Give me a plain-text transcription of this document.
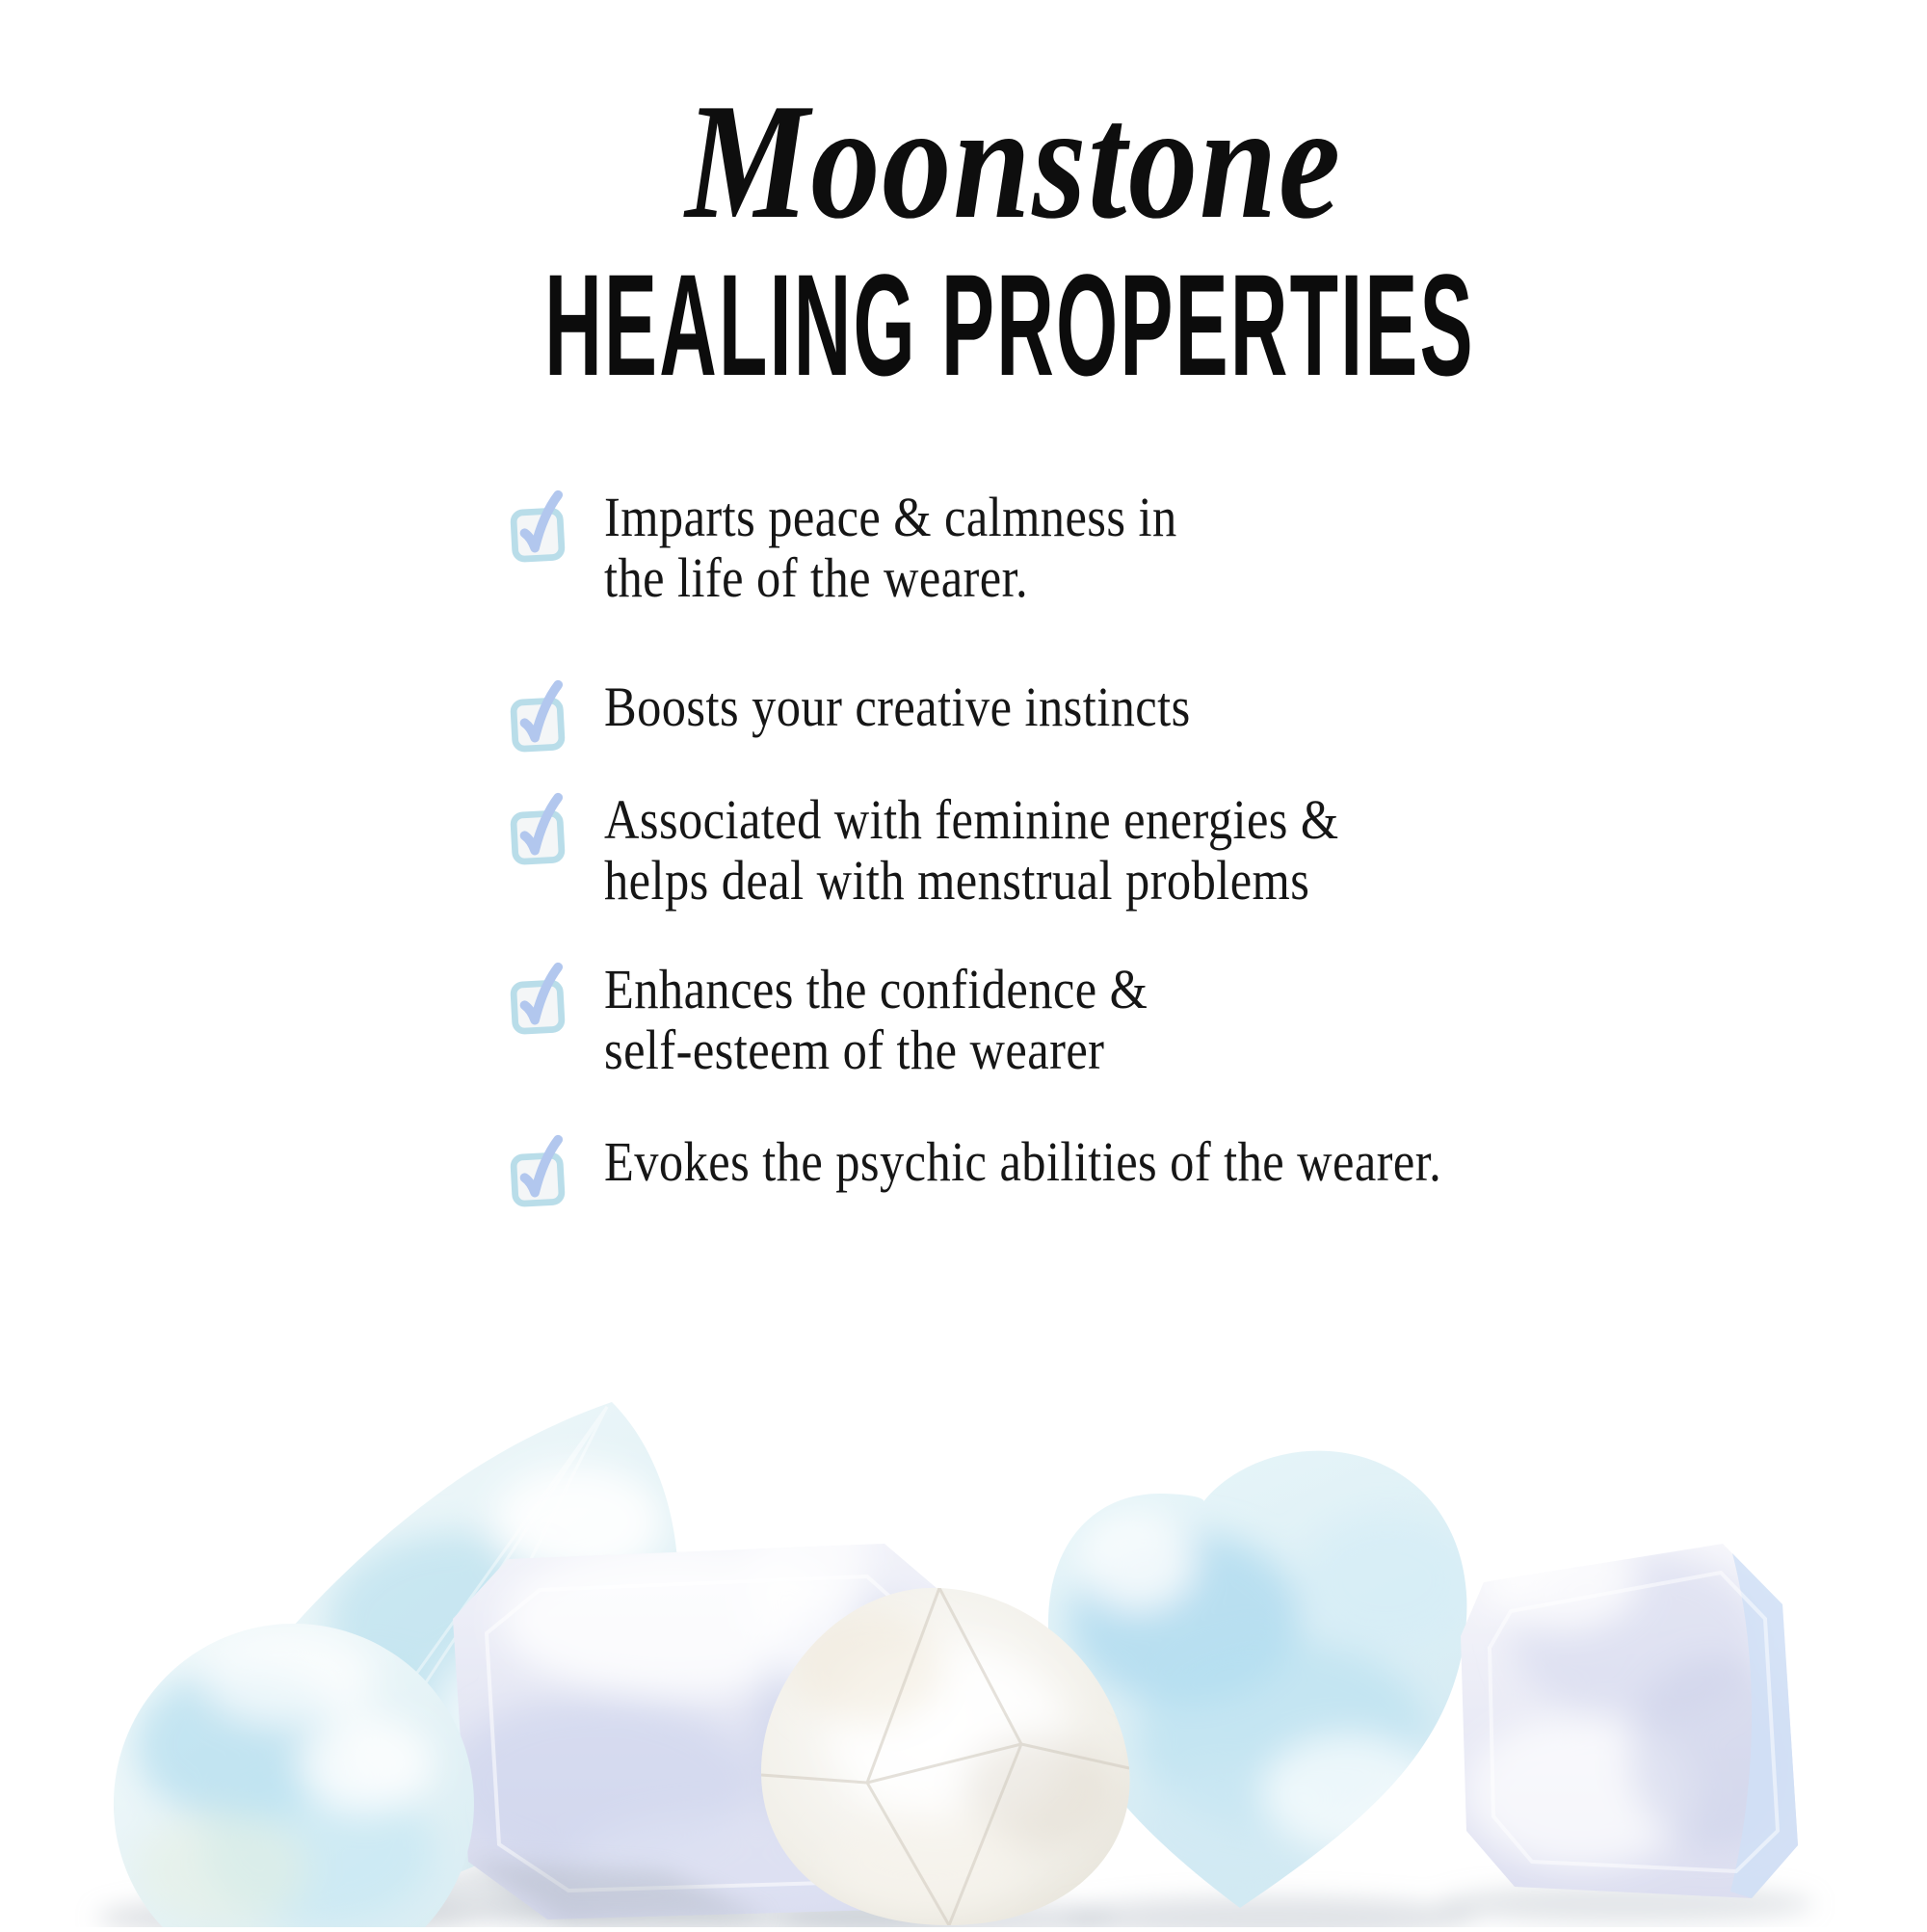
Moonstone
HEALING PROPERTIES
Imparts peace & calmness in
the life of the wearer.
Boosts your creative instincts
Associated with feminine energies &
helps deal with menstrual problems
Enhances the confidence &
self-esteem of the wearer
Evokes the psychic abilities of the wearer.
